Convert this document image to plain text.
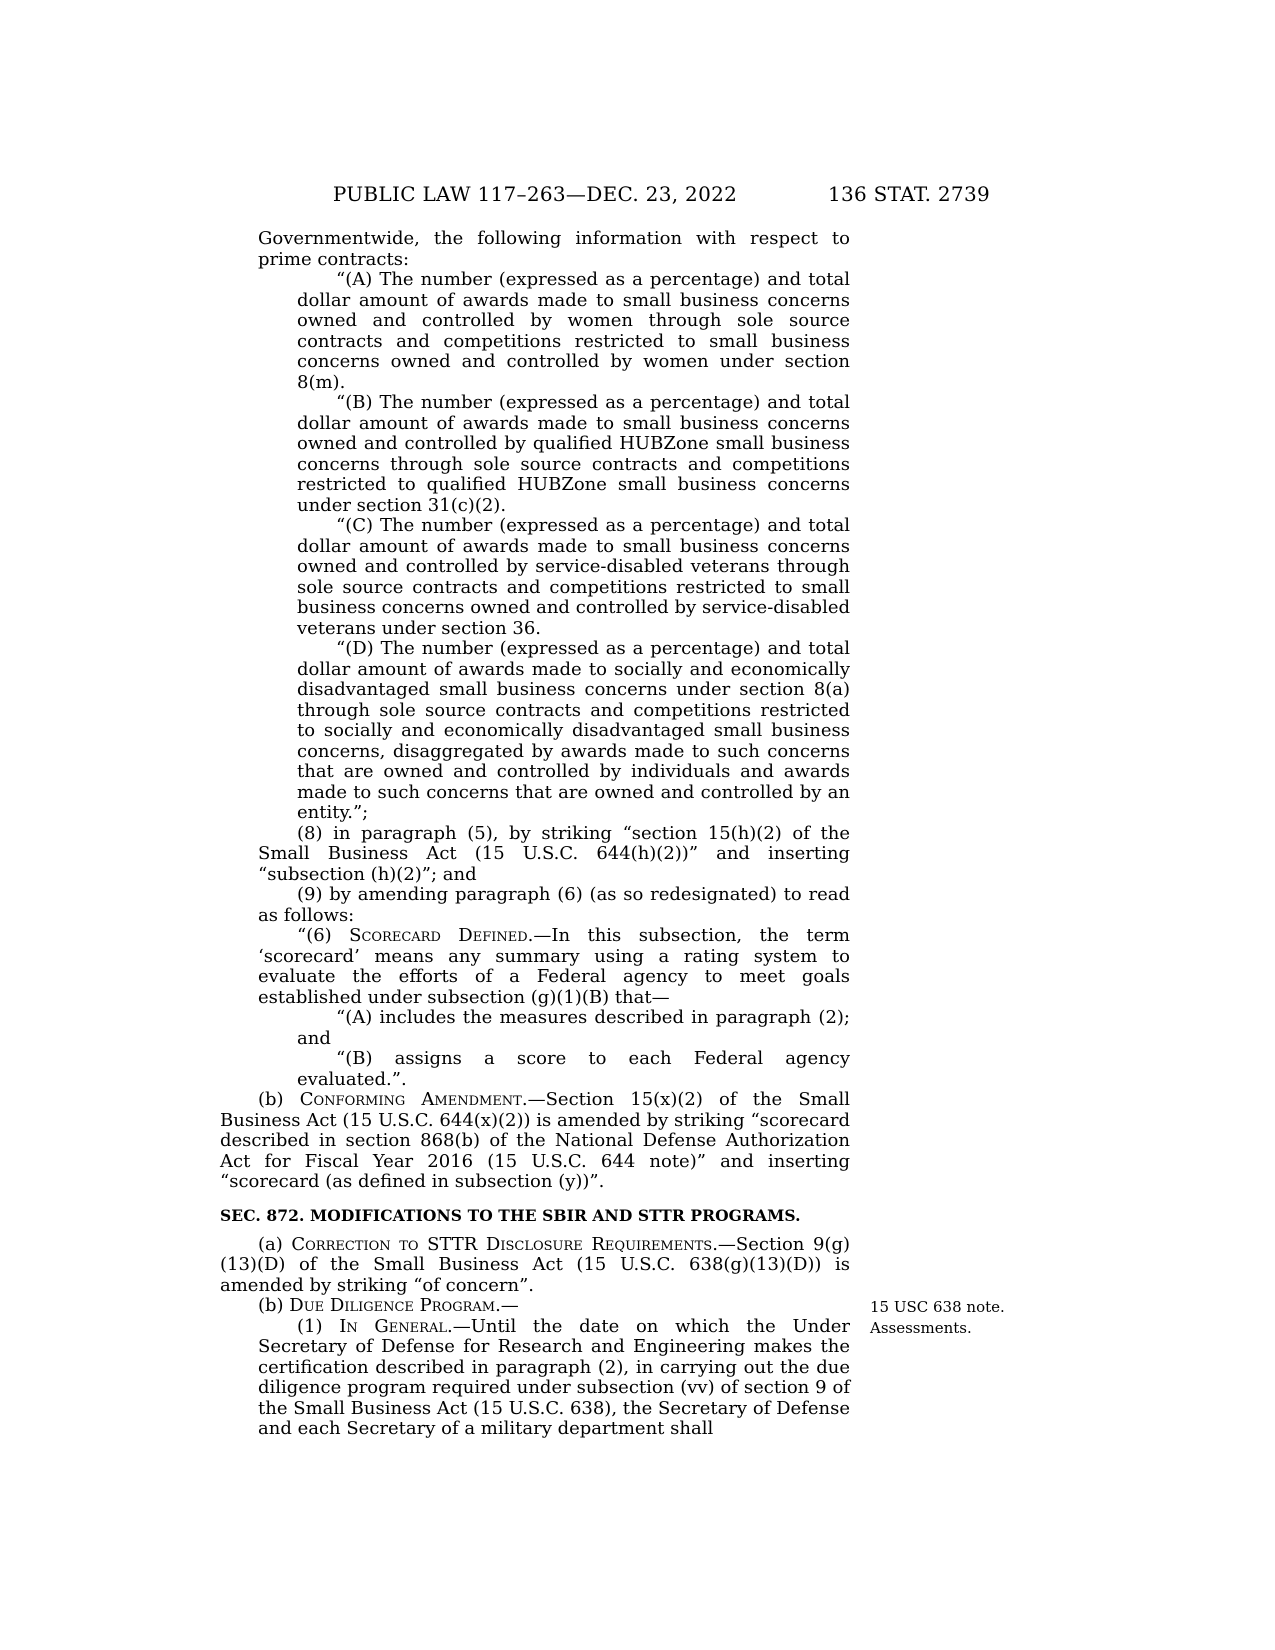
PUBLIC LAW 117–263—DEC. 23, 2022	136 STAT. 2739

Governmentwide, the following information with respect to prime contracts:

“(A) The number (expressed as a percentage) and total dollar amount of awards made to small business concerns owned and controlled by women through sole source contracts and competitions restricted to small business concerns owned and controlled by women under section 8(m).

“(B) The number (expressed as a percentage) and total dollar amount of awards made to small business concerns owned and controlled by qualified HUBZone small business concerns through sole source contracts and competitions restricted to qualified HUBZone small business concerns under section 31(c)(2).

“(C) The number (expressed as a percentage) and total dollar amount of awards made to small business concerns owned and controlled by service-disabled veterans through sole source contracts and competitions restricted to small business concerns owned and controlled by service-disabled veterans under section 36.

“(D) The number (expressed as a percentage) and total dollar amount of awards made to socially and economically disadvantaged small business concerns under section 8(a) through sole source contracts and competitions restricted to socially and economically disadvantaged small business concerns, disaggregated by awards made to such concerns that are owned and controlled by individuals and awards made to such concerns that are owned and controlled by an entity.”;

(8) in paragraph (5), by striking “section 15(h)(2) of the Small Business Act (15 U.S.C. 644(h)(2))” and inserting “subsection (h)(2)”; and

(9) by amending paragraph (6) (as so redesignated) to read as follows:

“(6) Scorecard Defined.—In this subsection, the term ‘scorecard’ means any summary using a rating system to evaluate the efforts of a Federal agency to meet goals established under subsection (g)(1)(B) that—

“(A) includes the measures described in paragraph (2); and

“(B) assigns a score to each Federal agency evaluated.”.

(b) Conforming Amendment.—Section 15(x)(2) of the Small Business Act (15 U.S.C. 644(x)(2)) is amended by striking “scorecard described in section 868(b) of the National Defense Authorization Act for Fiscal Year 2016 (15 U.S.C. 644 note)” and inserting “scorecard (as defined in subsection (y))”.

SEC. 872. MODIFICATIONS TO THE SBIR AND STTR PROGRAMS.

(a) Correction to STTR Disclosure Requirements.—Section 9(g)(13)(D) of the Small Business Act (15 U.S.C. 638(g)(13)(D)) is amended by striking “of concern”.

(b) Due Diligence Program.—	15 USC 638 note.
Assessments.

(1) In General.—Until the date on which the Under Secretary of Defense for Research and Engineering makes the certification described in paragraph (2), in carrying out the due diligence program required under subsection (vv) of section 9 of the Small Business Act (15 U.S.C. 638), the Secretary of Defense and each Secretary of a military department shall
